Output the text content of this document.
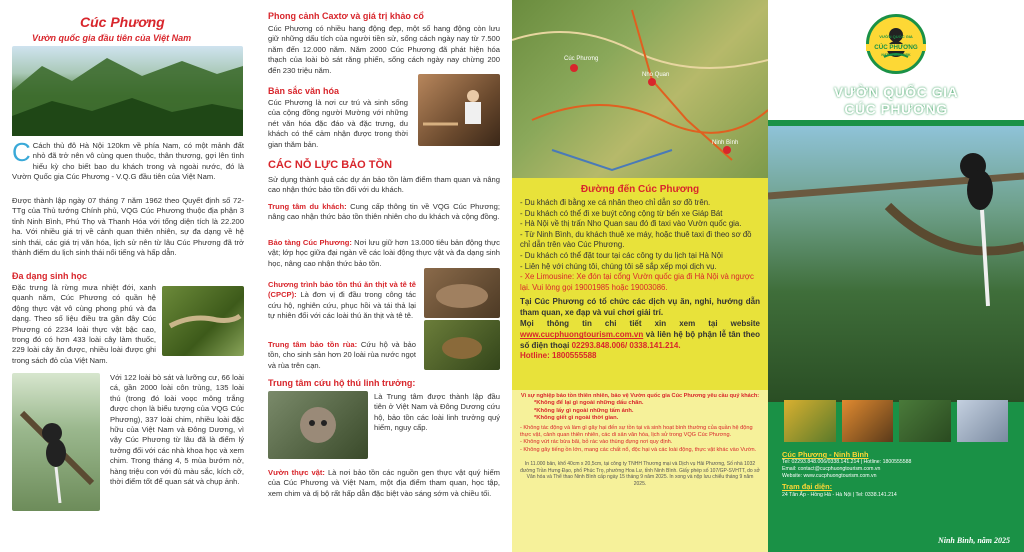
Cúc Phương
Vườn quốc gia đầu tiên của Việt Nam
C Cách thủ đô Hà Nội 120km về phía Nam, có một mảnh đất nhỏ đã trở nên vô cùng quen thuộc, thân thương, gợi lên tình hiếu kỳ cho biết bao du khách trong và ngoài nước, đó là Vườn Quốc gia Cúc Phương - V.Q.G đầu tiên của Việt Nam.
Được thành lập ngày 07 tháng 7 năm 1962 theo Quyết định số 72-TTg của Thủ tướng Chính phủ, VQG Cúc Phương thuộc địa phận 3 tỉnh Ninh Bình, Phú Thọ và Thanh Hóa với tổng diện tích là 22.200 ha. Với nhiều giá trị về cảnh quan thiên nhiên, sự đa dạng về hệ sinh thái, các giá trị văn hóa, lịch sử nên từ lâu Cúc Phương đã trở thành điểm du lịch sinh thái nổi tiếng và hấp dẫn.
Đa dạng sinh học
Đặc trưng là rừng mưa nhiệt đới, xanh quanh năm, Cúc Phương có quần hệ động thực vật vô cùng phong phú và đa dạng. Theo số liệu điều tra gần đây Cúc Phương có 2234 loài thực vật bậc cao, trong đó có hơn 433 loài cây làm thuốc, 229 loài cây ăn được, nhiều loài được ghi trong sách đỏ của Việt Nam.
Với 122 loài bò sát và lưỡng cư, 66 loài cá, gần 2000 loài côn trùng, 135 loài thú (trong đó loài voọc mông trắng được chọn là biểu tượng của VQG Cúc Phương), 337 loài chim, nhiều loài đặc hữu của Việt Nam và Đông Dương, vì vậy Cúc Phương từ lâu đã là điểm lý tưởng đối với các nhà khoa học và xem chim. Trong tháng 4, 5 mùa bướm nở, hàng triệu con với đủ màu sắc, kích cỡ, thời điểm tốt để quan sát và chụp ảnh.
Phong cảnh Caxtơ và giá trị khảo cổ
Cúc Phương có nhiều hang động đẹp, một số hang động còn lưu giữ những dấu tích của người tiền sử, sống cách ngày nay từ 7.500 năm đến 12.000 năm. Năm 2000 Cúc Phương đã phát hiện hóa thạch của loài bò sát răng phiến, sống cách ngày nay chừng 200 đến 230 triệu năm.
Bản sắc văn hóa
Cúc Phương là nơi cư trú và sinh sống của cộng đồng người Mường với những nét văn hóa đặc đáo và đặc trưng, du khách có thể cảm nhận được trong thời gian thăm bản.
CÁC NỖ LỰC BẢO TỒN
Sử dụng thành quả các dự án bảo tồn làm điểm tham quan và nâng cao nhận thức bảo tồn đối với du khách.
Trung tâm du khách: Cung cấp thông tin về VQG Cúc Phương; nâng cao nhận thức bảo tồn thiên nhiên cho du khách và cộng đồng.
Bảo tàng Cúc Phương: Nơi lưu giữ hơn 13.000 tiêu bản động thực vật; lớp học giữa đại ngàn về các loài động thực vật và đa dạng sinh học, nâng cao nhận thức bảo tồn.
Chương trình bảo tồn thú ăn thịt và tê tê (CPCP): Là đơn vị đi đầu trong công tác cứu hộ, nghiên cứu, phục hồi và tái thả lại tự nhiên đối với các loài thú ăn thịt và tê tê.
Trung tâm bảo tồn rùa: Cứu hộ và bảo tồn, cho sinh sản hơn 20 loài rùa nước ngọt và rùa trên cạn.
Trung tâm cứu hộ thú linh trưởng:
Là Trung tâm được thành lập đầu tiên ở Việt Nam và Đông Dương cứu hộ, bảo tồn các loài linh trưởng quý hiếm, nguy cấp.
Vườn thực vật: Là nơi bảo tồn các nguồn gen thực vật quý hiếm của Cúc Phương và Việt Nam, một địa điểm tham quan, học tập, xem chim và dị bộ rất hấp dẫn đặc biệt vào sáng sớm và chiều tối.
Cúc Phương
Nho Quan
Ninh Bình
Đường đến Cúc Phương
- Du khách đi bằng xe cá nhân theo chỉ dẫn sơ đồ trên.
- Du khách có thể đi xe buýt công cộng từ bến xe Giáp Bát
- Hà Nội về thị trấn Nho Quan sau đó đi taxi vào Vườn quốc gia.
- Từ Ninh Bình, du khách thuê xe máy, hoặc thuê taxi đi theo sơ đồ chỉ dẫn trên vào Cúc Phương.
- Du khách có thể đặt tour tại các công ty du lịch tại Hà Nội
- Liên hệ với chúng tôi, chúng tôi sẽ sắp xếp mọi dịch vụ.
- Xe Limousine: Xe đón tại cổng Vườn quốc gia đi Hà Nội và ngược lại. Vui lòng gọi 19001985 hoặc 19003086.
Tại Cúc Phương có tổ chức các dịch vụ ăn, nghỉ, hướng dẫn tham quan, xe đạp và vui chơi giải trí.
Mọi thông tin chi tiết xin xem tại website www.cucphuongtourism.com.vn và liên hệ bộ phận lễ tân theo số điện thoại 02293.848.006/ 0338.141.214.
Hotline: 1800555588
Vì sự nghiệp bảo tồn thiên nhiên, bảo vệ Vườn quốc gia Cúc Phương yêu cầu quý khách:
*Không để lại gì ngoài những dấu chân.
*Không lấy gì ngoài những tấm ảnh.
*Không giết gì ngoài thời gian.
- Không tác động và làm gì gây hại đến sự tồn tại và sinh hoạt bình thường của quần hệ động thực vật, cảnh quan thiên nhiên, các di sản văn hóa, lịch sử trong VQG Cúc Phương.
- Không vứt rác bừa bãi, bỏ rác vào thùng đựng nơi quy định.
- Không gây tiếng ồn lớn, mang các chất nổ, độc hại và các loài động, thực vật khác vào Vườn.
In 11.000 bản, khổ 40cm x 20,5cm, tại công ty TNHH Thương mại và Dịch vụ Hải Phương, Số nhà 1032 đường Trần Hưng Đạo, phố Phúc Trọ, phường Hoa Lư, tỉnh Ninh Bình. Giấy phép số 107/GP-SVHTT, do sở Văn hóa và Thể thao Ninh Bình cấp ngày 15 tháng 9 năm 2025. In xong và nộp lưu chiểu tháng 9 năm 2025.
VƯỜN QUỐC GIA
CÚC PHƯƠNG
NATIONAL PARK
VƯỜN QUỐC GIA
CÚC PHƯƠNG
Cúc Phương - Ninh Bình
Tel: 02293.848.006/0338.141.214 | Hotline: 1800555588
Email: contact@cucphuongtourism.com.vn
Website: www.cucphuongtourism.com.vn
Trạm đại diện:
24 Tân Ấp - Hồng Hà - Hà Nội | Tel: 0338.141.214
Ninh Bình, năm 2025
